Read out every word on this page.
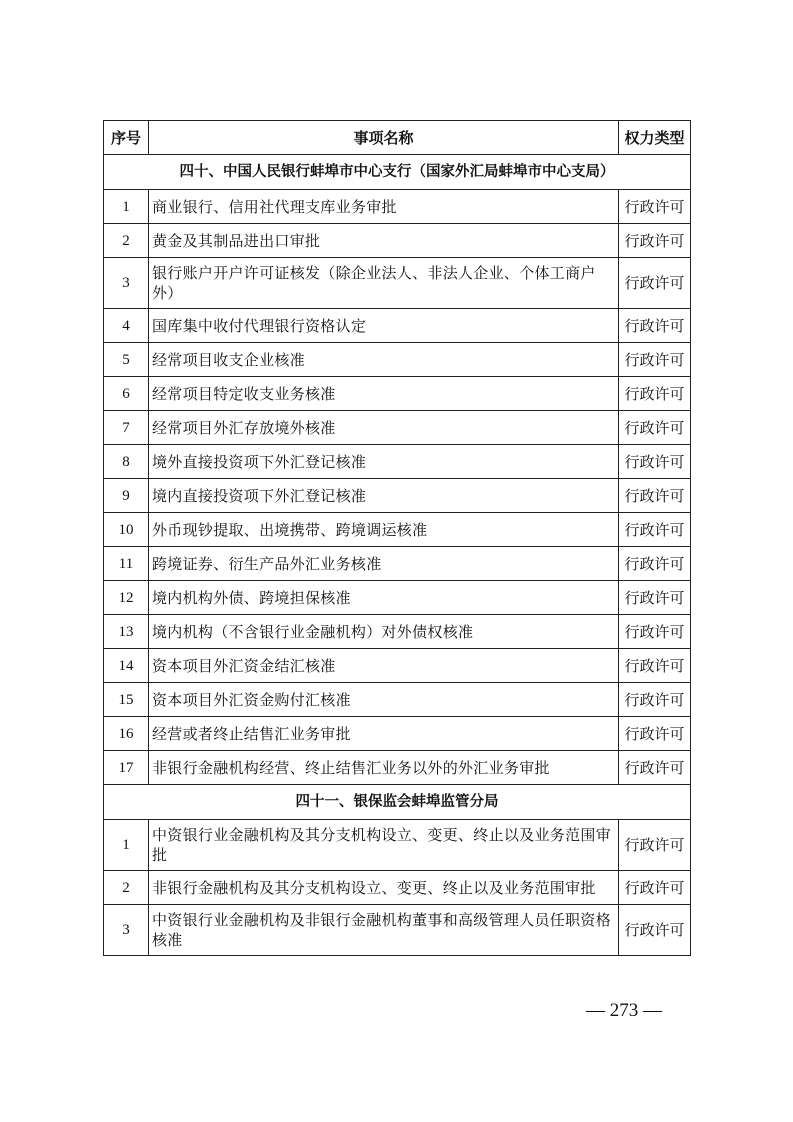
序号	事项名称	权力类型
四十、中国人民银行蚌埠市中心支行（国家外汇局蚌埠市中心支局）		
1	商业银行、信用社代理支库业务审批	行政许可
2	黄金及其制品进出口审批	行政许可
3	银行账户开户许可证核发（除企业法人、非法人企业、个体工商户外）	行政许可
4	国库集中收付代理银行资格认定	行政许可
5	经常项目收支企业核准	行政许可
6	经常项目特定收支业务核准	行政许可
7	经常项目外汇存放境外核准	行政许可
8	境外直接投资项下外汇登记核准	行政许可
9	境内直接投资项下外汇登记核准	行政许可
10	外币现钞提取、出境携带、跨境调运核准	行政许可
11	跨境证券、衍生产品外汇业务核准	行政许可
12	境内机构外债、跨境担保核准	行政许可
13	境内机构（不含银行业金融机构）对外债权核准	行政许可
14	资本项目外汇资金结汇核准	行政许可
15	资本项目外汇资金购付汇核准	行政许可
16	经营或者终止结售汇业务审批	行政许可
17	非银行金融机构经营、终止结售汇业务以外的外汇业务审批	行政许可
四十一、银保监会蚌埠监管分局		
1	中资银行业金融机构及其分支机构设立、变更、终止以及业务范围审批	行政许可
2	非银行金融机构及其分支机构设立、变更、终止以及业务范围审批	行政许可
3	中资银行业金融机构及非银行金融机构董事和高级管理人员任职资格核准	行政许可
— 273 —
